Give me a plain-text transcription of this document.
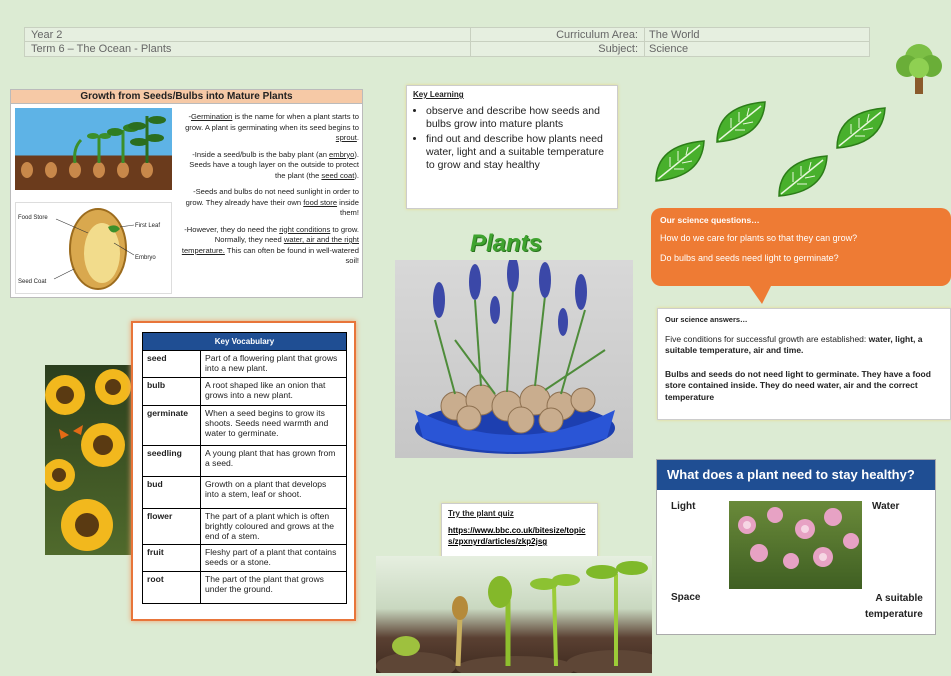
Year 2	Curriculum Area:	The World
Term 6 – The Ocean - Plants	Subject:	Science
Growth from Seeds/Bulbs into Mature Plants
Food Store
First Leaf
Embryo
Seed Coat

-Germination is the name for when a plant starts to grow. A plant is germinating when its seed begins to sprout.

-Inside a seed/bulb is the baby plant (an embryo). Seeds have a tough layer on the outside to protect the plant (the seed coat).

-Seeds and bulbs do not need sunlight in order to grow. They already have their own food store inside them!

-However, they do need the right conditions to grow. Normally, they need water, air and the right temperature. This can often be found in well-watered soil!

Key Learning
• observe and describe how seeds and bulbs grow into mature plants
• find out and describe how plants need water, light and a suitable temperature to grow and stay healthy
Our science questions…
How do we care for plants so that they can grow?
Do bulbs and seeds need light to germinate?
Plants
Our science answers…

Five conditions for successful growth are established: water, light, a suitable temperature, air and time.

Bulbs and seeds do not need light to germinate. They have a food store contained inside. They do need water, air and the correct temperature

Key Vocabulary	
seed	Part of a flowering plant that grows into a new plant.
bulb	A root shaped like an onion that grows into a new plant.
germinate	When a seed begins to grow its shoots. Seeds need warmth and water to germinate.
seedling	A young plant that has grown from a seed.
bud	Growth on a plant that develops into a stem, leaf or shoot.
flower	The part of a plant which is often brightly coloured and grows at the end of a stem.
fruit	Fleshy part of a plant that contains seeds or a stone.
root	The part of the plant that grows under the ground.
Try the plant quiz
https://www.bbc.co.uk/bitesize/topics/zpxnyrd/articles/zkp2jsg
What does a plant need to stay healthy?
Light	Water
Space	A suitable
temperature
